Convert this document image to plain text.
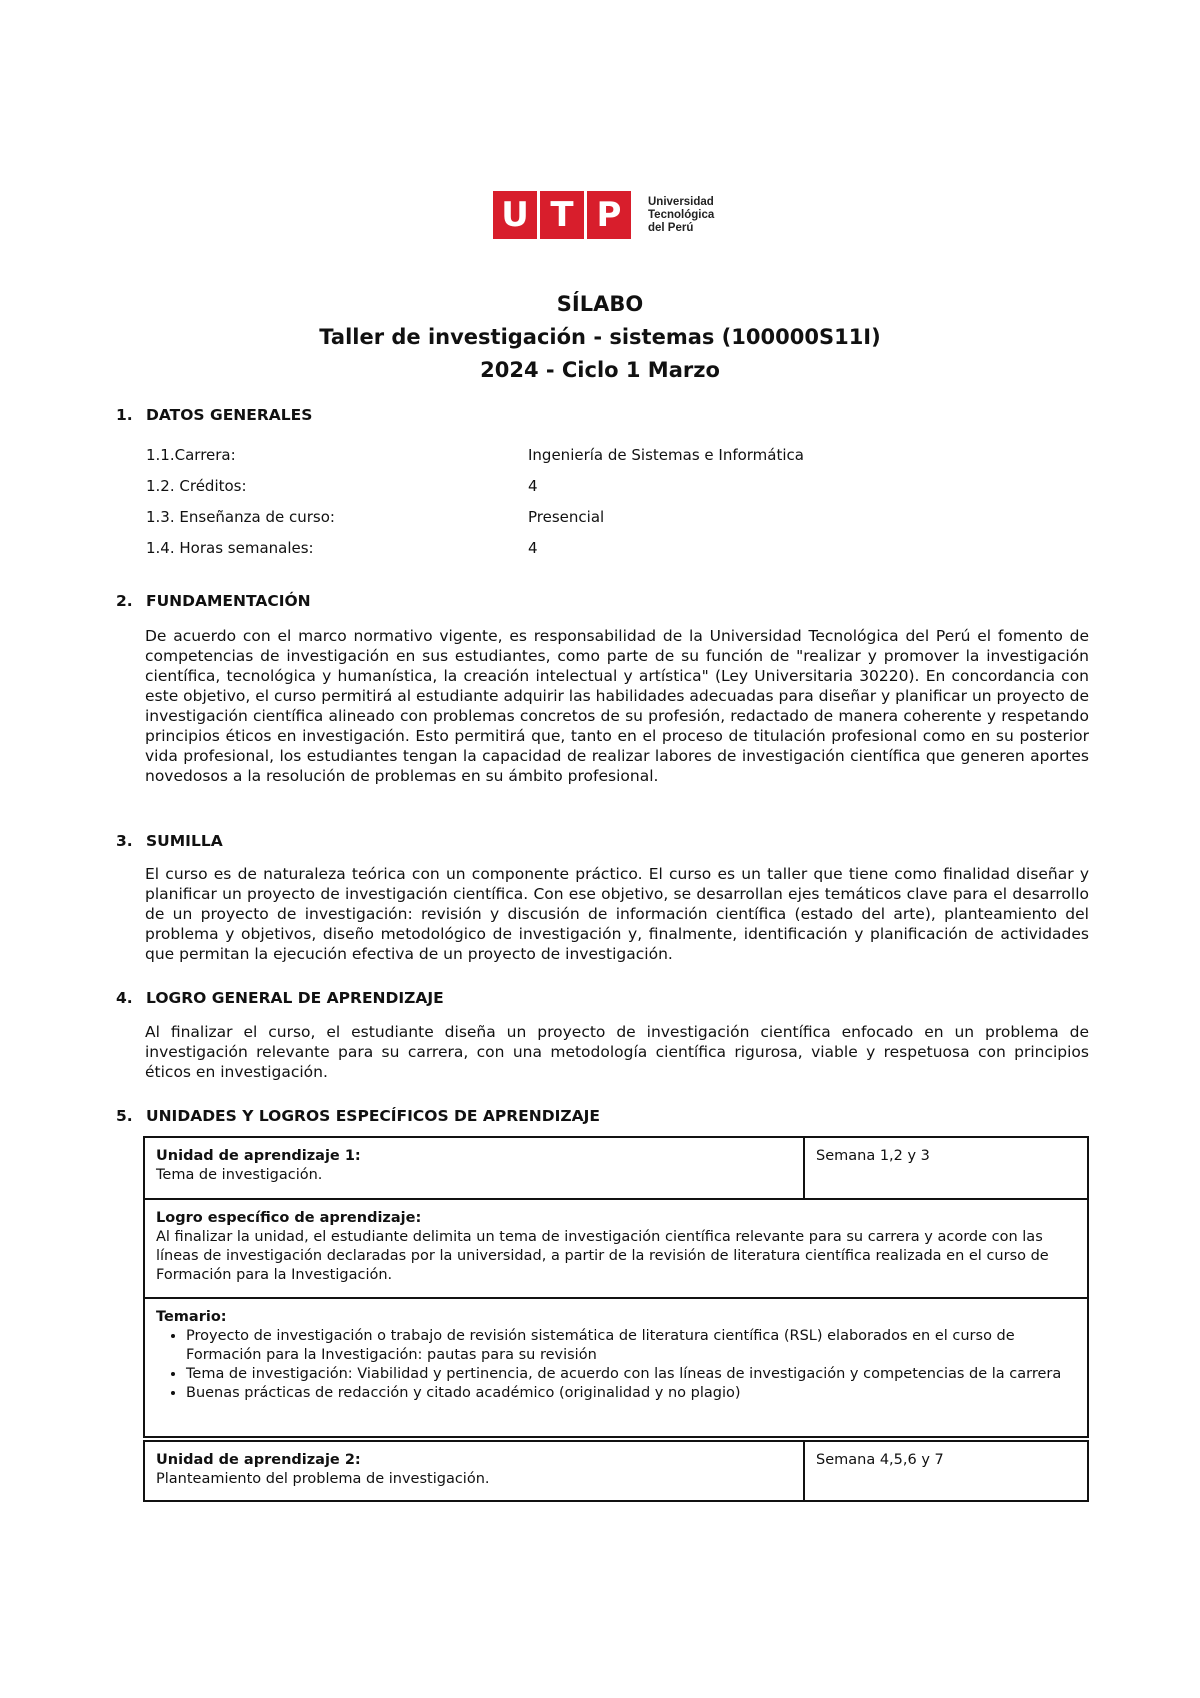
U T P	Universidad
Tecnológica
del Perú
SÍLABO
Taller de investigación - sistemas (100000S11I)
2024 - Ciclo 1 Marzo
1. DATOS GENERALES
1.1.Carrera:	Ingeniería de Sistemas e Informática
1.2. Créditos:	4
1.3. Enseñanza de curso:	Presencial
1.4. Horas semanales:	4
2. FUNDAMENTACIÓN

De acuerdo con el marco normativo vigente, es responsabilidad de la Universidad Tecnológica del Perú el fomento de competencias de investigación en sus estudiantes, como parte de su función de "realizar y promover la investigación científica, tecnológica y humanística, la creación intelectual y artística" (Ley Universitaria 30220). En concordancia con este objetivo, el curso permitirá al estudiante adquirir las habilidades adecuadas para diseñar y planificar un proyecto de investigación científica alineado con problemas concretos de su profesión, redactado de manera coherente y respetando principios éticos en investigación. Esto permitirá que, tanto en el proceso de titulación profesional como en su posterior vida profesional, los estudiantes tengan la capacidad de realizar labores de investigación científica que generen aportes novedosos a la resolución de problemas en su ámbito profesional.

3. SUMILLA

El curso es de naturaleza teórica con un componente práctico. El curso es un taller que tiene como finalidad diseñar y planificar un proyecto de investigación científica. Con ese objetivo, se desarrollan ejes temáticos clave para el desarrollo de un proyecto de investigación: revisión y discusión de información científica (estado del arte), planteamiento del problema y objetivos, diseño metodológico de investigación y, finalmente, identificación y planificación de actividades que permitan la ejecución efectiva de un proyecto de investigación.

4. LOGRO GENERAL DE APRENDIZAJE

Al finalizar el curso, el estudiante diseña un proyecto de investigación científica enfocado en un problema de investigación relevante para su carrera, con una metodología científica rigurosa, viable y respetuosa con principios éticos en investigación.

5. UNIDADES Y LOGROS ESPECÍFICOS DE APRENDIZAJE
Unidad de aprendizaje 1:
Tema de investigación.
Semana 1,2 y 3
Logro específico de aprendizaje:
Al finalizar la unidad, el estudiante delimita un tema de investigación científica relevante para su carrera y acorde con las líneas de investigación declaradas por la universidad, a partir de la revisión de literatura científica realizada en el curso de Formación para la Investigación.
Temario:
• Proyecto de investigación o trabajo de revisión sistemática de literatura científica (RSL) elaborados en el curso de Formación para la Investigación: pautas para su revisión
• Tema de investigación: Viabilidad y pertinencia, de acuerdo con las líneas de investigación y competencias de la carrera
• Buenas prácticas de redacción y citado académico (originalidad y no plagio)
Unidad de aprendizaje 2:
Planteamiento del problema de investigación.
Semana 4,5,6 y 7
